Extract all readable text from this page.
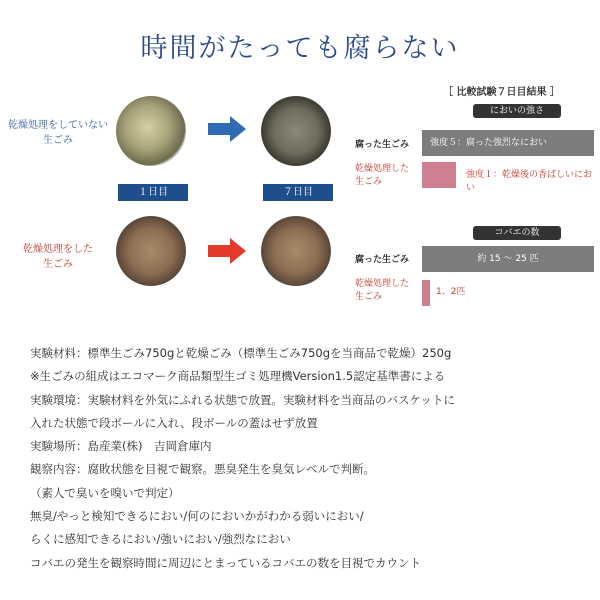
時間がたっても腐らない
乾燥処理をしていない
生ごみ
乾燥処理をした
生ごみ
１日目	７日目
［ 比較試験７日目結果 ］
においの強さ
腐った生ごみ	強度５：腐った強烈なにおい
乾燥処理した
生ごみ
強度１：乾燥後の香ばしいにおい
コバエの数
腐った生ごみ	約 15 ～ 25 匹
乾燥処理した
生ごみ	1、2匹
実験材料：標準生ごみ750gと乾燥ごみ（標準生ごみ750gを当商品で乾燥）250g
※生ごみの組成はエコマーク商品類型生ゴミ処理機Version1.5認定基準書による
実験環境：実験材料を外気にふれる状態で放置。実験材料を当商品のバスケットに
入れた状態で段ボールに入れ、段ボールの蓋はせず放置
実験場所：島産業(株)　吉岡倉庫内
観察内容：腐敗状態を目視で観察。悪臭発生を臭気レベルで判断。
（素人で臭いを嗅いで判定）
無臭/やっと検知できるにおい/何のにおいかがわかる弱いにおい/
らくに感知できるにおい/強いにおい/強烈なにおい
コバエの発生を観察時間に周辺にとまっているコバエの数を目視でカウント
